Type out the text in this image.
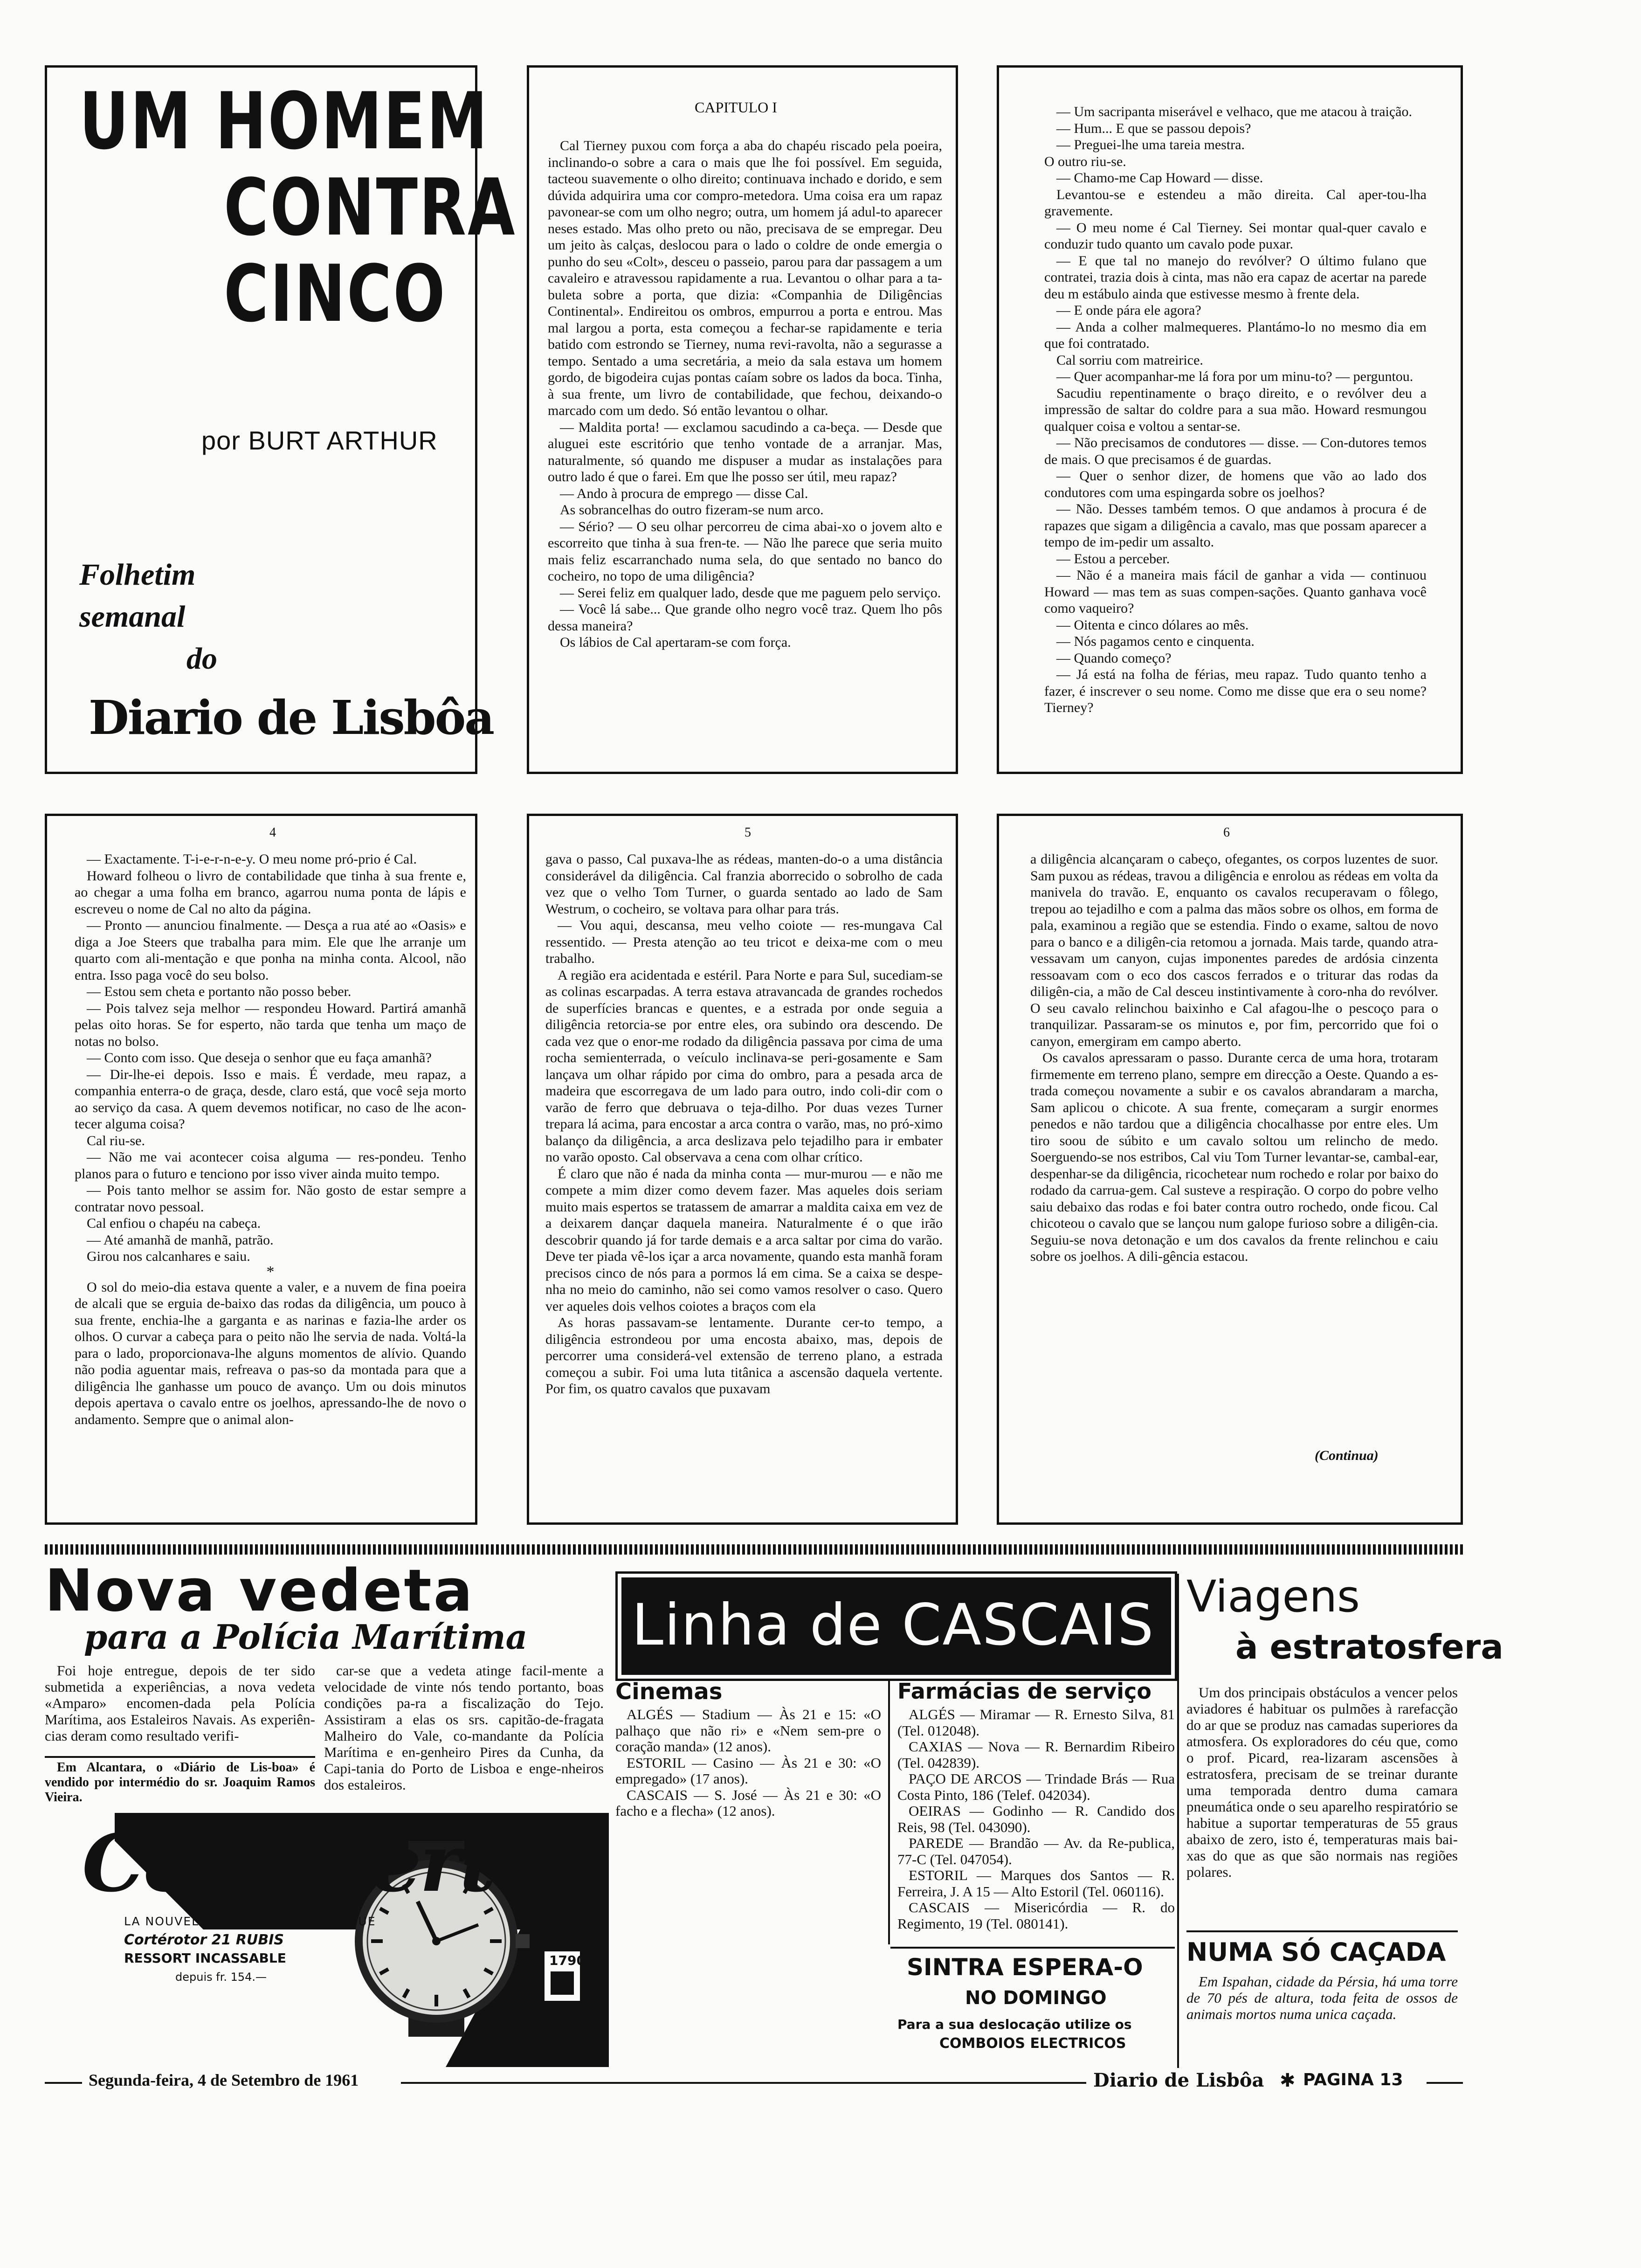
UM HOMEM
CONTRA
CINCO
por BURT ARTHUR
Folhetim
semanal
do
Diario de Lisbôa
CAPITULO I

Cal Tierney puxou com força a aba do chapéu riscado pela poeira, inclinando-o sobre a cara o mais que lhe foi possível. Em seguida, tacteou suavemente o olho direito; continuava inchado e dorido, e sem dúvida adquirira uma cor compro-metedora. Uma coisa era um rapaz pavonear-se com um olho negro; outra, um homem já adul-to aparecer neses estado. Mas olho preto ou não, precisava de se empregar. Deu um jeito às calças, deslocou para o lado o coldre de onde emergia o punho do seu «Colt», desceu o passeio, parou para dar passagem a um cavaleiro e atravessou rapidamente a rua. Levantou o olhar para a ta-buleta sobre a porta, que dizia: «Companhia de Diligências Continental». Endireitou os ombros, empurrou a porta e entrou. Mas mal largou a porta, esta começou a fechar-se rapidamente e teria batido com estrondo se Tierney, numa revi-ravolta, não a segurasse a tempo. Sentado a uma secretária, a meio da sala estava um homem gordo, de bigodeira cujas pontas caíam sobre os lados da boca. Tinha, à sua frente, um livro de contabilidade, que fechou, deixando-o marcado com um dedo. Só então levantou o olhar.

— Maldita porta! — exclamou sacudindo a ca-beça. — Desde que aluguei este escritório que tenho vontade de a arranjar. Mas, naturalmente, só quando me dispuser a mudar as instalações para outro lado é que o farei. Em que lhe posso ser útil, meu rapaz?

— Ando à procura de emprego — disse Cal.

As sobrancelhas do outro fizeram-se num arco.

— Sério? — O seu olhar percorreu de cima abai-xo o jovem alto e escorreito que tinha à sua fren-te. — Não lhe parece que seria muito mais feliz escarranchado numa sela, do que sentado no banco do cocheiro, no topo de uma diligência?

— Serei feliz em qualquer lado, desde que me paguem pelo serviço.

— Você lá sabe... Que grande olho negro você traz. Quem lho pôs dessa maneira?

Os lábios de Cal apertaram-se com força.

— Um sacripanta miserável e velhaco, que me atacou à traição.

— Hum... E que se passou depois?

— Preguei-lhe uma tareia mestra.

O outro riu-se.

— Chamo-me Cap Howard — disse.

Levantou-se e estendeu a mão direita. Cal aper-tou-lha gravemente.

— O meu nome é Cal Tierney. Sei montar qual-quer cavalo e conduzir tudo quanto um cavalo pode puxar.

— E que tal no manejo do revólver? O último fulano que contratei, trazia dois à cinta, mas não era capaz de acertar na parede deu m estábulo ainda que estivesse mesmo à frente dela.

— E onde pára ele agora?

— Anda a colher malmequeres. Plantámo-lo no mesmo dia em que foi contratado.

Cal sorriu com matreirice.

— Quer acompanhar-me lá fora por um minu-to? — perguntou.

Sacudiu repentinamente o braço direito, e o revólver deu a impressão de saltar do coldre para a sua mão. Howard resmungou qualquer coisa e voltou a sentar-se.

— Não precisamos de condutores — disse. — Con-dutores temos de mais. O que precisamos é de guardas.

— Quer o senhor dizer, de homens que vão ao lado dos condutores com uma espingarda sobre os joelhos?

— Não. Desses também temos. O que andamos à procura é de rapazes que sigam a diligência a cavalo, mas que possam aparecer a tempo de im-pedir um assalto.

— Estou a perceber.

— Não é a maneira mais fácil de ganhar a vida — continuou Howard — mas tem as suas compen-sações. Quanto ganhava você como vaqueiro?

— Oitenta e cinco dólares ao mês.

— Nós pagamos cento e cinquenta.

— Quando começo?

— Já está na folha de férias, meu rapaz. Tudo quanto tenho a fazer, é inscrever o seu nome. Como me disse que era o seu nome? Tierney?

4

— Exactamente. T-i-e-r-n-e-y. O meu nome pró-prio é Cal.

Howard folheou o livro de contabilidade que tinha à sua frente e, ao chegar a uma folha em branco, agarrou numa ponta de lápis e escreveu o nome de Cal no alto da página.

— Pronto — anunciou finalmente. — Desça a rua até ao «Oasis» e diga a Joe Steers que trabalha para mim. Ele que lhe arranje um quarto com ali-mentação e que ponha na minha conta. Alcool, não entra. Isso paga você do seu bolso.

— Estou sem cheta e portanto não posso beber.

— Pois talvez seja melhor — respondeu Howard. Partirá amanhã pelas oito horas. Se for esperto, não tarda que tenha um maço de notas no bolso.

— Conto com isso. Que deseja o senhor que eu faça amanhã?

— Dir-lhe-ei depois. Isso e mais. É verdade, meu rapaz, a companhia enterra-o de graça, desde, claro está, que você seja morto ao serviço da casa. A quem devemos notificar, no caso de lhe acon-tecer alguma coisa?

Cal riu-se.

— Não me vai acontecer coisa alguma — res-pondeu. Tenho planos para o futuro e tenciono por isso viver ainda muito tempo.

— Pois tanto melhor se assim for. Não gosto de estar sempre a contratar novo pessoal.

Cal enfiou o chapéu na cabeça.

— Até amanhã de manhã, patrão.

Girou nos calcanhares e saiu.

*

O sol do meio-dia estava quente a valer, e a nuvem de fina poeira de alcali que se erguia de-baixo das rodas da diligência, um pouco à sua frente, enchia-lhe a garganta e as narinas e fazia-lhe arder os olhos. O curvar a cabeça para o peito não lhe servia de nada. Voltá-la para o lado, proporcionava-lhe alguns momentos de alívio. Quando não podia aguentar mais, refreava o pas-so da montada para que a diligência lhe ganhasse um pouco de avanço. Um ou dois minutos depois apertava o cavalo entre os joelhos, apressando-lhe de novo o andamento. Sempre que o animal alon-

5

gava o passo, Cal puxava-lhe as rédeas, manten-do-o a uma distância considerável da diligência. Cal franzia aborrecido o sobrolho de cada vez que o velho Tom Turner, o guarda sentado ao lado de Sam Westrum, o cocheiro, se voltava para olhar para trás.

— Vou aqui, descansa, meu velho coiote — res-mungava Cal ressentido. — Presta atenção ao teu tricot e deixa-me com o meu trabalho.

A região era acidentada e estéril. Para Norte e para Sul, sucediam-se as colinas escarpadas. A terra estava atravancada de grandes rochedos de superfícies brancas e quentes, e a estrada por onde seguia a diligência retorcia-se por entre eles, ora subindo ora descendo. De cada vez que o enor-me rodado da diligência passava por cima de uma rocha semienterrada, o veículo inclinava-se peri-gosamente e Sam lançava um olhar rápido por cima do ombro, para a pesada arca de madeira que escorregava de um lado para outro, indo coli-dir com o varão de ferro que debruava o teja-dilho. Por duas vezes Turner trepara lá acima, para encostar a arca contra o varão, mas, no pró-ximo balanço da diligência, a arca deslizava pelo tejadilho para ir embater no varão oposto. Cal observava a cena com olhar crítico.

É claro que não é nada da minha conta — mur-murou — e não me compete a mim dizer como devem fazer. Mas aqueles dois seriam muito mais espertos se tratassem de amarrar a maldita caixa em vez de a deixarem dançar daquela maneira. Naturalmente é o que irão descobrir quando já for tarde demais e a arca saltar por cima do varão. Deve ter piada vê-los içar a arca novamente, quando esta manhã foram precisos cinco de nós para a pormos lá em cima. Se a caixa se despe-nha no meio do caminho, não sei como vamos resolver o caso. Quero ver aqueles dois velhos coiotes a braços com ela

As horas passavam-se lentamente. Durante cer-to tempo, a diligência estrondeou por uma encosta abaixo, mas, depois de percorrer uma considerá-vel extensão de terreno plano, a estrada começou a subir. Foi uma luta titânica a ascensão daquela vertente. Por fim, os quatro cavalos que puxavam

6

a diligência alcançaram o cabeço, ofegantes, os corpos luzentes de suor. Sam puxou as rédeas, travou a diligência e enrolou as rédeas em volta da manivela do travão. E, enquanto os cavalos recuperavam o fôlego, trepou ao tejadilho e com a palma das mãos sobre os olhos, em forma de pala, examinou a região que se estendia. Findo o exame, saltou de novo para o banco e a diligên-cia retomou a jornada. Mais tarde, quando atra-vessavam um canyon, cujas imponentes paredes de ardósia cinzenta ressoavam com o eco dos cascos ferrados e o triturar das rodas da diligên-cia, a mão de Cal desceu instintivamente à coro-nha do revólver. O seu cavalo relinchou baixinho e Cal afagou-lhe o pescoço para o tranquilizar. Passaram-se os minutos e, por fim, percorrido que foi o canyon, emergiram em campo aberto.

Os cavalos apressaram o passo. Durante cerca de uma hora, trotaram firmemente em terreno plano, sempre em direcção a Oeste. Quando a es-trada começou novamente a subir e os cavalos abrandaram a marcha, Sam aplicou o chicote. A sua frente, começaram a surgir enormes penedos e não tardou que a diligência chocalhasse por entre eles. Um tiro soou de súbito e um cavalo soltou um relincho de medo. Soerguendo-se nos estribos, Cal viu Tom Turner levantar-se, cambal-ear, despenhar-se da diligência, ricochetear num rochedo e rolar por baixo do rodado da carrua-gem. Cal susteve a respiração. O corpo do pobre velho saiu debaixo das rodas e foi bater contra outro rochedo, onde ficou. Cal chicoteou o cavalo que se lançou num galope furioso sobre a diligên-cia. Seguiu-se nova detonação e um dos cavalos da frente relinchou e caiu sobre os joelhos. A dili-gência estacou.

(Continua)
Nova vedeta
para a Polícia Marítima

Foi hoje entregue, depois de ter sido submetida a experiências, a nova vedeta «Amparo» encomen-dada pela Polícia Marítima, aos Estaleiros Navais. As experiên-cias deram como resultado verifi-

car-se que a vedeta atinge facil-mente a velocidade de vinte nós tendo portanto, boas condições pa-ra a fiscalização do Tejo. Assistiram a elas os srs. capitão-de-fragata Malheiro do Vale, co-mandante da Polícia Marítima e en-genheiro Pires da Cunha, da Capi-tania do Porto de Lisboa e enge-nheiros dos estaleiros.

Em Alcantara, o «Diário de Lis-boa» é vendido por intermédio do sr. Joaquim Ramos Vieira.

Cortébert
LA NOUVELLE MONTRE AUTOMATIQUE
Cortérotor 21 RUBIS
RESSORT INCASSABLE
depuis fr. 154.—
1790
Linha de CASCAIS
Cinemas

ALGÉS — Stadium — Às 21 e 15: «O palhaço que não ri» e «Nem sem-pre o coração manda» (12 anos).

ESTORIL — Casino — Às 21 e 30: «O empregado» (17 anos).

CASCAIS — S. José — Às 21 e 30: «O facho e a flecha» (12 anos).

Farmácias de serviço

ALGÉS — Miramar — R. Ernesto Silva, 81 (Tel. 012048).

CAXIAS — Nova — R. Bernardim Ribeiro (Tel. 042839).

PAÇO DE ARCOS — Trindade Brás — Rua Costa Pinto, 186 (Telef. 042034).

OEIRAS — Godinho — R. Candido dos Reis, 98 (Tel. 043090).

PAREDE — Brandão — Av. da Re-publica, 77-C (Tel. 047054).

ESTORIL — Marques dos Santos — R. Ferreira, J. A 15 — Alto Estoril (Tel. 060116).

CASCAIS — Misericórdia — R. do Regimento, 19 (Tel. 080141).

SINTRA ESPERA-O
NO DOMINGO
Para a sua deslocação utilize os
COMBOIOS ELECTRICOS
Viagens
à estratosfera

Um dos principais obstáculos a vencer pelos aviadores é habituar os pulmões à rarefacção do ar que se produz nas camadas superiores da atmosfera. Os exploradores do céu que, como o prof. Picard, rea-lizaram ascensões à estratosfera, precisam de se treinar durante uma temporada dentro duma camara pneumática onde o seu aparelho respiratório se habitue a suportar temperaturas de 55 graus abaixo de zero, isto é, temperaturas mais bai-xas do que as que são normais nas regiões polares.

NUMA SÓ CAÇADA

Em Ispahan, cidade da Pérsia, há uma torre de 70 pés de altura, toda feita de ossos de animais mortos numa unica caçada.

Segunda-feira, 4 de Setembro de 1961	Diario de Lisbôa ✱ PAGINA 13
